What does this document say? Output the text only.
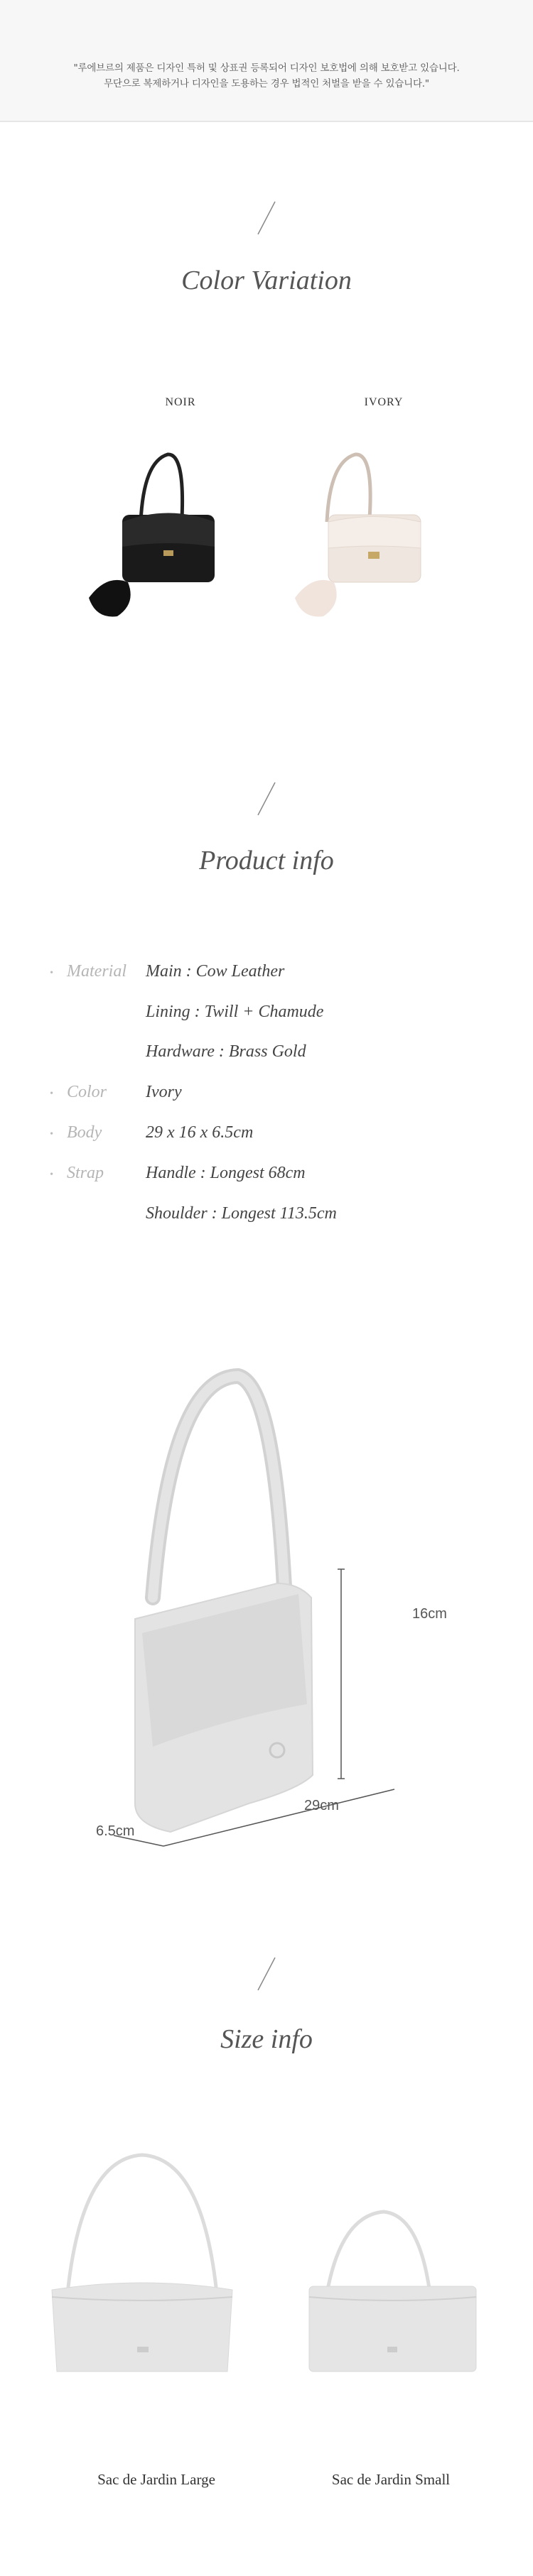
"루에브르의 제품은 디자인 특허 및 상표권 등록되어 디자인 보호법에 의해 보호받고 있습니다.

무단으로 복제하거나 디자인을 도용하는 경우 법적인 처벌을 받을 수 있습니다."

Color Variation
NOIR	IVORY
Product info
• Material Main : Cow Leather
Lining : Twill + Chamude
Hardware : Brass Gold
• Color Ivory
• Body	29 x 16 x 6.5cm
• Strap Handle : Longest 68cm
Shoulder : Longest 113.5cm
16cm
29cm
6.5cm
Size info
Sac de Jardin Large	Sac de Jardin Small
